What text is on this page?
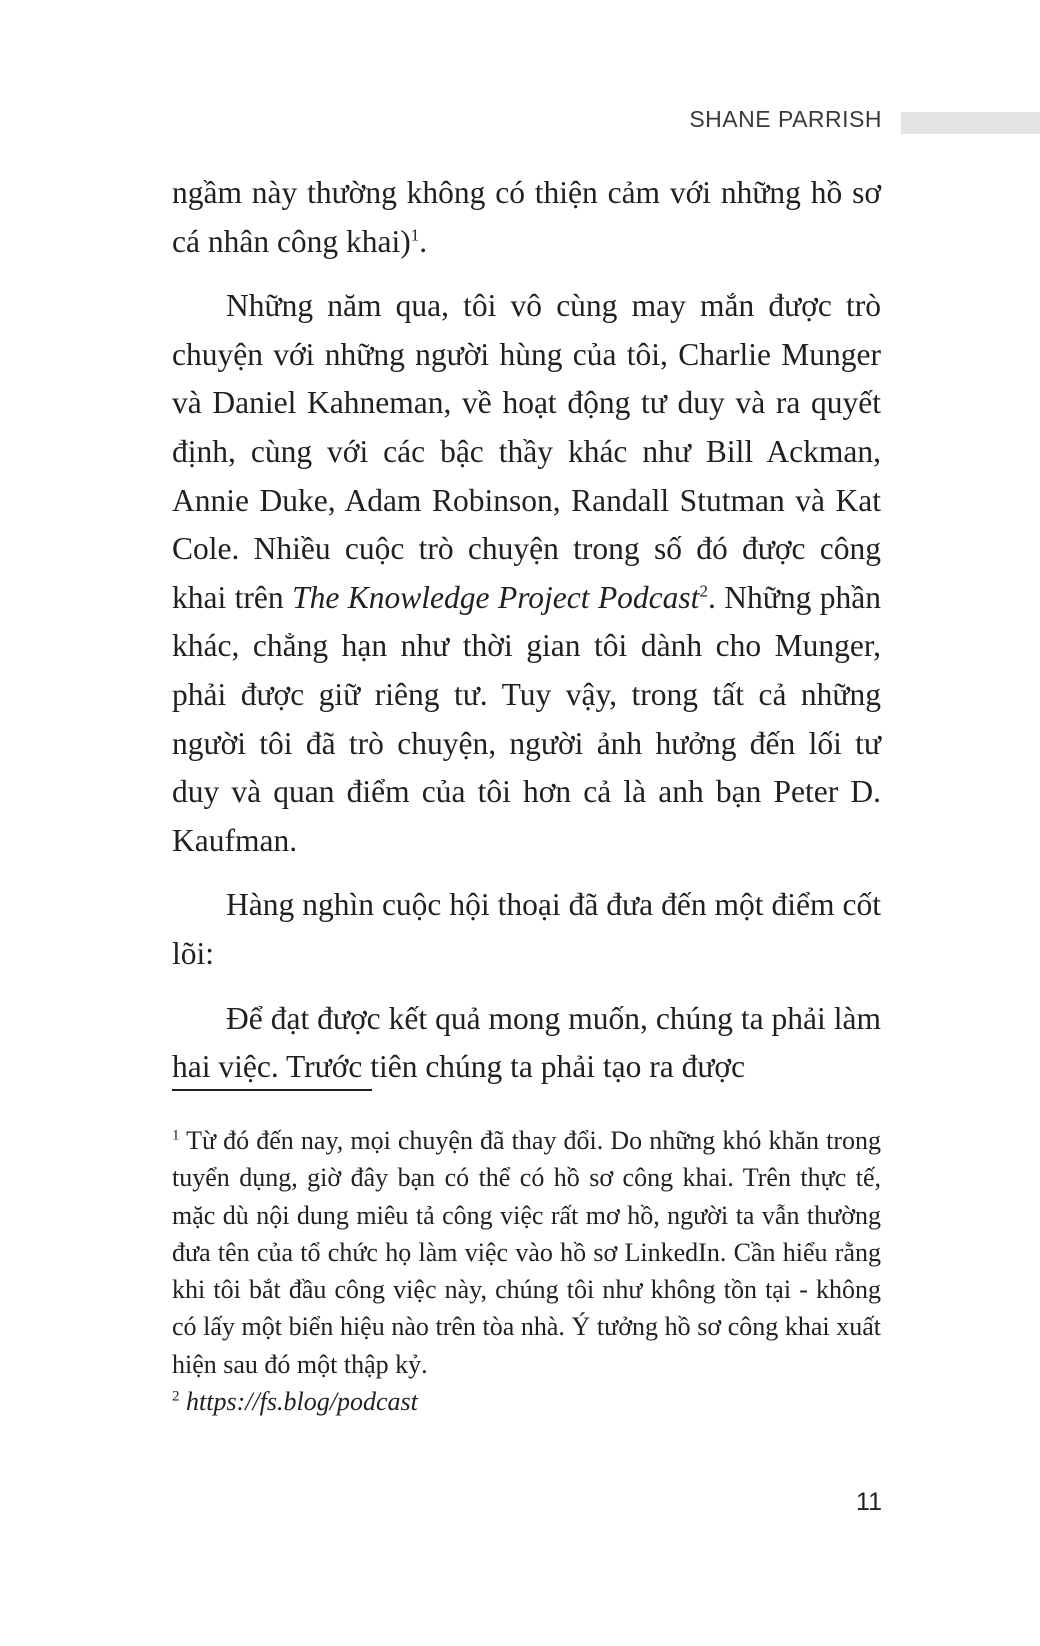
SHANE PARRISH

ngầm này thường không có thiện cảm với những hồ sơ cá nhân công khai)$^1$.

Những năm qua, tôi vô cùng may mắn được trò chuyện với những người hùng của tôi, Charlie Munger và Daniel Kahneman, về hoạt động tư duy và ra quyết định, cùng với các bậc thầy khác như Bill Ackman, Annie Duke, Adam Robinson, Randall Stutman và Kat Cole. Nhiều cuộc trò chuyện trong số đó được công khai trên The Knowledge Project Podcast$^2$. Những phần khác, chẳng hạn như thời gian tôi dành cho Munger, phải được giữ riêng tư. Tuy vậy, trong tất cả những người tôi đã trò chuyện, người ảnh hưởng đến lối tư duy và quan điểm của tôi hơn cả là anh bạn Peter D. Kaufman.

Hàng nghìn cuộc hội thoại đã đưa đến một điểm cốt lõi:

Để đạt được kết quả mong muốn, chúng ta phải làm hai việc. Trước tiên chúng ta phải tạo ra được

$^1$ Từ đó đến nay, mọi chuyện đã thay đổi. Do những khó khăn trong tuyển dụng, giờ đây bạn có thể có hồ sơ công khai. Trên thực tế, mặc dù nội dung miêu tả công việc rất mơ hồ, người ta vẫn thường đưa tên của tổ chức họ làm việc vào hồ sơ LinkedIn. Cần hiểu rằng khi tôi bắt đầu công việc này, chúng tôi như không tồn tại - không có lấy một biển hiệu nào trên tòa nhà. Ý tưởng hồ sơ công khai xuất hiện sau đó một thập kỷ.

$^2$ https://fs.blog/podcast

11
